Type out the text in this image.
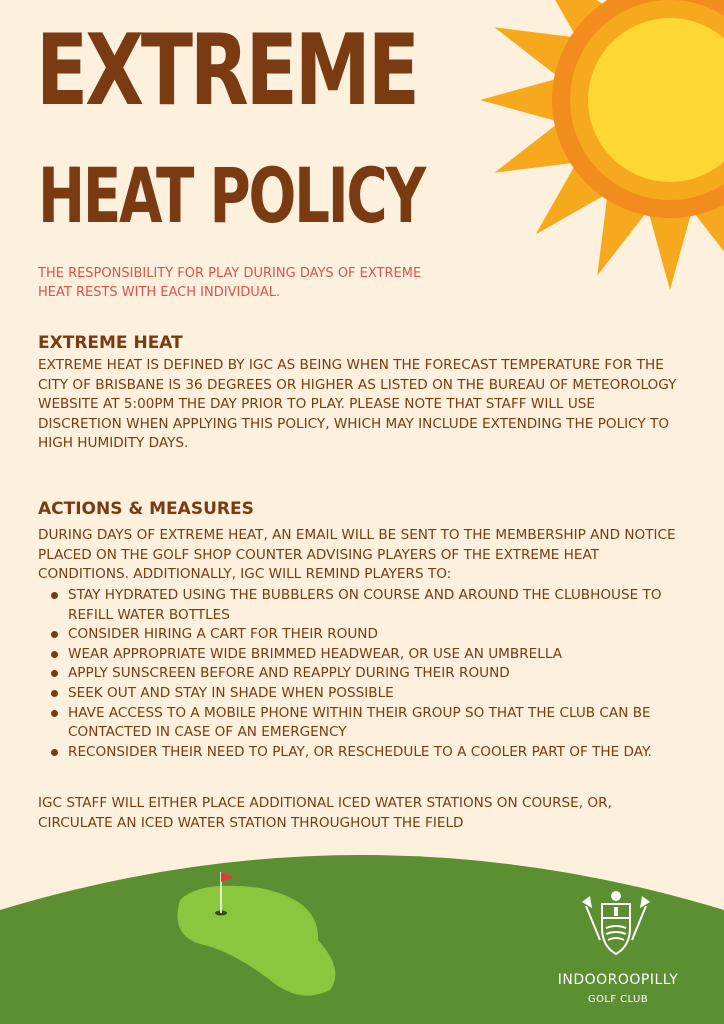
EXTREME
HEAT POLICY

THE RESPONSIBILITY FOR PLAY DURING DAYS OF EXTREME HEAT RESTS WITH EACH INDIVIDUAL.

EXTREME HEAT

EXTREME HEAT IS DEFINED BY IGC AS BEING WHEN THE FORECAST TEMPERATURE FOR THE CITY OF BRISBANE IS 36 DEGREES OR HIGHER AS LISTED ON THE BUREAU OF METEOROLOGY WEBSITE AT 5:00PM THE DAY PRIOR TO PLAY. PLEASE NOTE THAT STAFF WILL USE DISCRETION WHEN APPLYING THIS POLICY, WHICH MAY INCLUDE EXTENDING THE POLICY TO HIGH HUMIDITY DAYS.

ACTIONS & MEASURES

DURING DAYS OF EXTREME HEAT, AN EMAIL WILL BE SENT TO THE MEMBERSHIP AND NOTICE PLACED ON THE GOLF SHOP COUNTER ADVISING PLAYERS OF THE EXTREME HEAT CONDITIONS. ADDITIONALLY, IGC WILL REMIND PLAYERS TO:

STAY HYDRATED USING THE BUBBLERS ON COURSE AND AROUND THE CLUBHOUSE TO REFILL WATER BOTTLES
CONSIDER HIRING A CART FOR THEIR ROUND
WEAR APPROPRIATE WIDE BRIMMED HEADWEAR, OR USE AN UMBRELLA
APPLY SUNSCREEN BEFORE AND REAPPLY DURING THEIR ROUND
SEEK OUT AND STAY IN SHADE WHEN POSSIBLE
HAVE ACCESS TO A MOBILE PHONE WITHIN THEIR GROUP SO THAT THE CLUB CAN BE CONTACTED IN CASE OF AN EMERGENCY
RECONSIDER THEIR NEED TO PLAY, OR RESCHEDULE TO A COOLER PART OF THE DAY.

IGC STAFF WILL EITHER PLACE ADDITIONAL ICED WATER STATIONS ON COURSE, OR, CIRCULATE AN ICED WATER STATION THROUGHOUT THE FIELD

INDOOROOPILLY

GOLF CLUB
